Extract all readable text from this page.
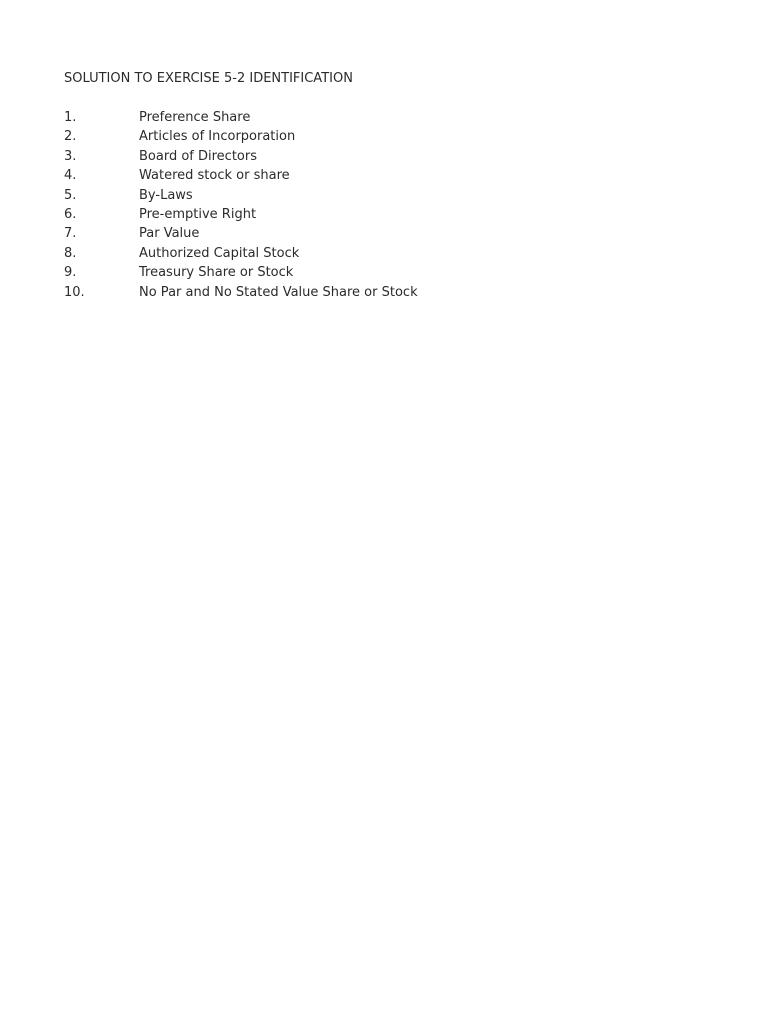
SOLUTION TO EXERCISE 5-2 IDENTIFICATION
1.	Preference Share
2.	Articles of Incorporation
3.	Board of Directors
4.	Watered stock or share
5.	By-Laws
6.	Pre-emptive Right
7.	Par Value
8.	Authorized Capital Stock
9.	Treasury Share or Stock
10.	No Par and No Stated Value Share or Stock
